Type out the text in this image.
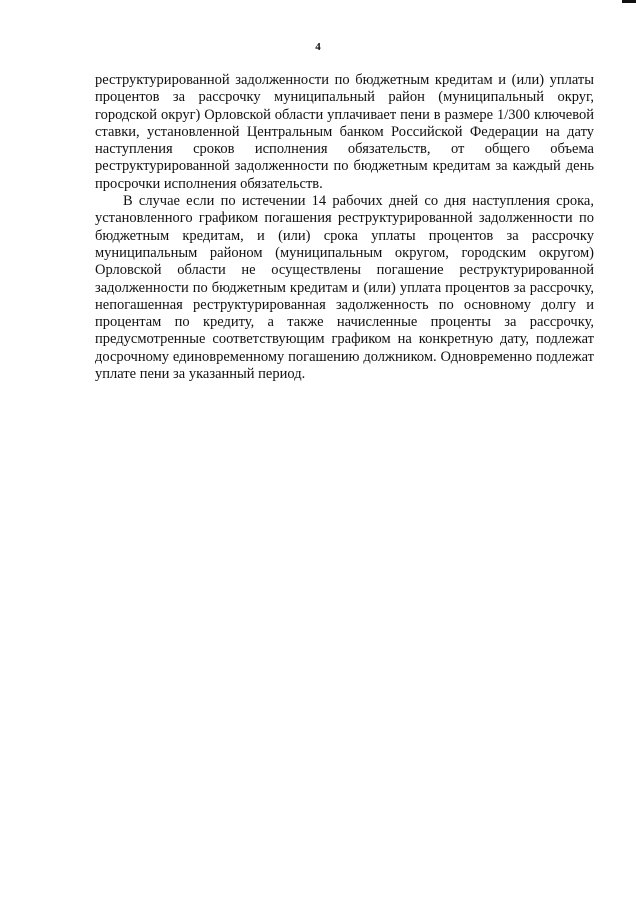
4

реструктурированной задолженности по бюджетным кредитам и (или) уплаты процентов за рассрочку муниципальный район (муниципальный округ, городской округ) Орловской области уплачивает пени в размере 1/300 ключевой ставки, установленной Центральным банком Российской Федерации на дату наступления сроков исполнения обязательств, от общего объема реструктурированной задолженности по бюджетным кредитам за каждый день просрочки исполнения обязательств.

В случае если по истечении 14 рабочих дней со дня наступления срока, установленного графиком погашения реструктурированной задолженности по бюджетным кредитам, и (или) срока уплаты процентов за рассрочку муниципальным районом (муниципальным округом, городским округом) Орловской области не осуществлены погашение реструктурированной задолженности по бюджетным кредитам и (или) уплата процентов за рассрочку, непогашенная реструктурированная задолженность по основному долгу и процентам по кредиту, а также начисленные проценты за рассрочку, предусмотренные соответствующим графиком на конкретную дату, подлежат досрочному единовременному погашению должником. Одновременно подлежат уплате пени за указанный период.
